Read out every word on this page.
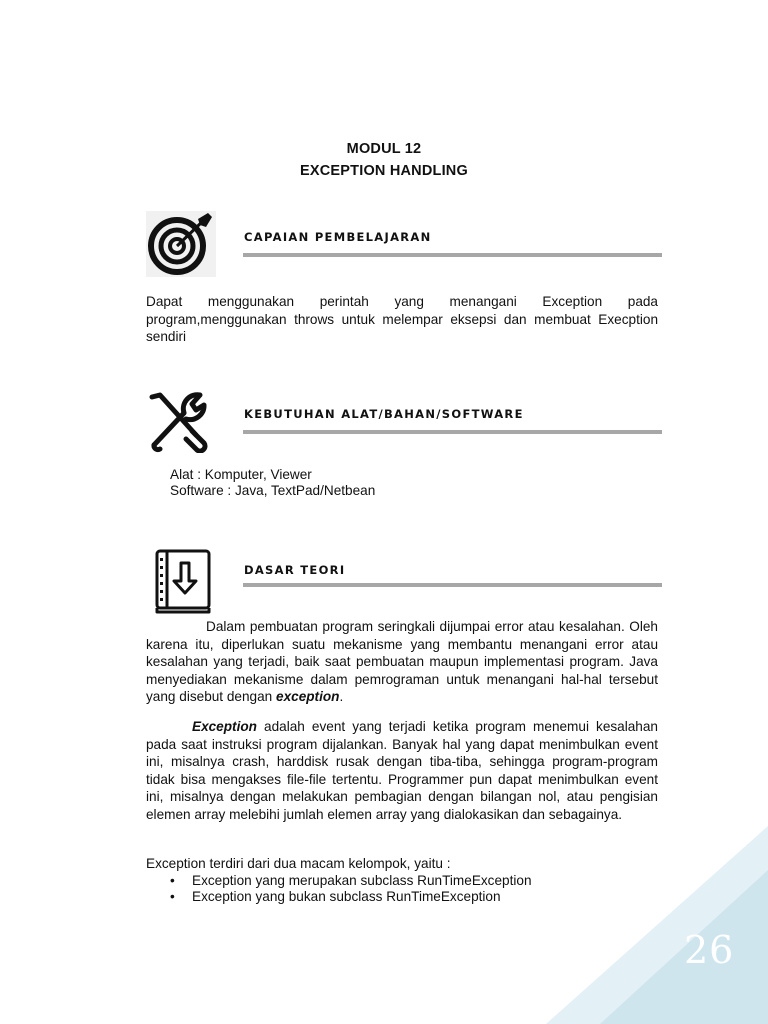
26
MODUL 12
EXCEPTION HANDLING
CAPAIAN PEMBELAJARAN

Dapat menggunakan perintah yang menangani Exception pada program,menggunakan throws untuk melempar eksepsi dan membuat Execption sendiri

KEBUTUHAN ALAT/BAHAN/SOFTWARE
Alat : Komputer, Viewer
Software : Java, TextPad/Netbean
DASAR TEORI

Dalam pembuatan program seringkali dijumpai error atau kesalahan. Oleh karena itu, diperlukan suatu mekanisme yang membantu menangani error atau kesalahan yang terjadi, baik saat pembuatan maupun implementasi program. Java menyediakan mekanisme dalam pemrograman untuk menangani hal-hal tersebut yang disebut dengan exception.

Exception adalah event yang terjadi ketika program menemui kesalahan pada saat instruksi program dijalankan. Banyak hal yang dapat menimbulkan event ini, misalnya crash, harddisk rusak dengan tiba-tiba, sehingga program-program tidak bisa mengakses file-file tertentu. Programmer pun dapat menimbulkan event ini, misalnya dengan melakukan pembagian dengan bilangan nol, atau pengisian elemen array melebihi jumlah elemen array yang dialokasikan dan sebagainya.

Exception terdiri dari dua macam kelompok, yaitu :
• Exception yang merupakan subclass RunTimeException
• Exception yang bukan subclass RunTimeException
